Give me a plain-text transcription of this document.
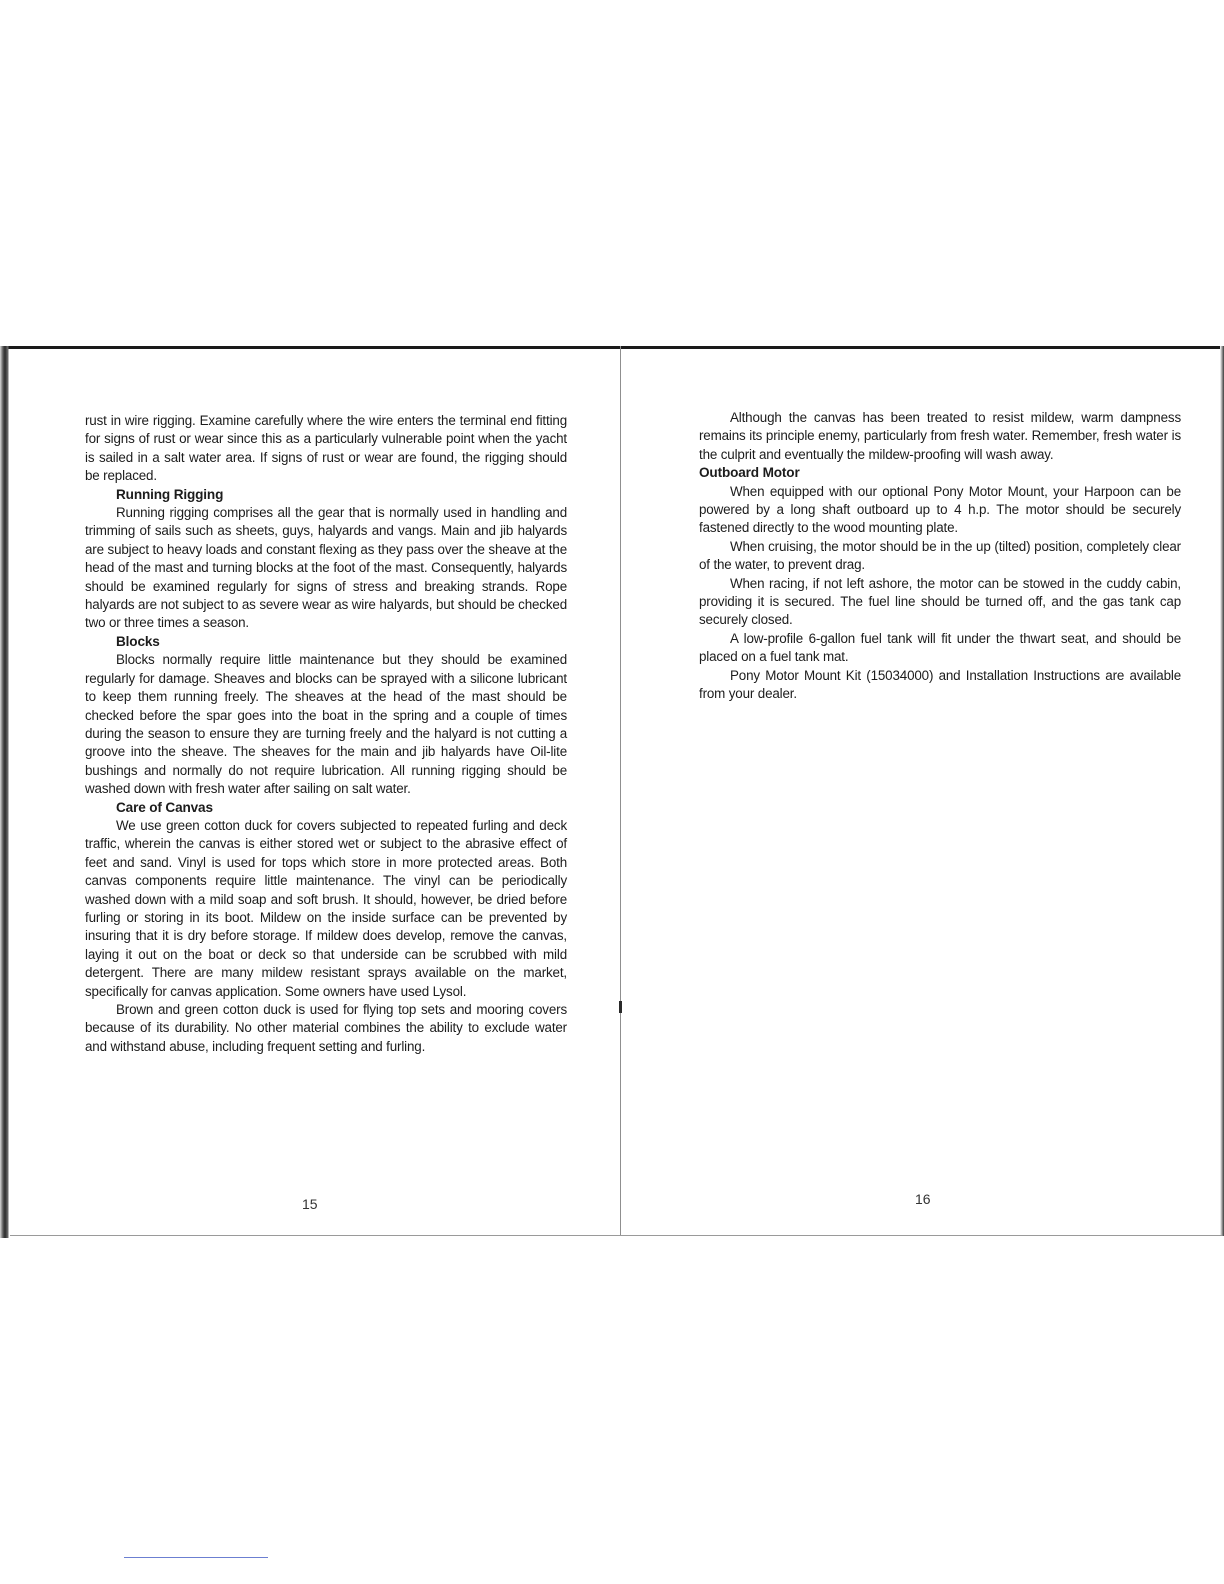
rust in wire rigging. Examine carefully where the wire enters the terminal end fitting for signs of rust or wear since this as a particularly vulnerable point when the yacht is sailed in a salt water area. If signs of rust or wear are found, the rigging should be replaced.

Running Rigging

Running rigging comprises all the gear that is normally used in handling and trimming of sails such as sheets, guys, halyards and vangs. Main and jib halyards are subject to heavy loads and constant flexing as they pass over the sheave at the head of the mast and turning blocks at the foot of the mast. Consequently, halyards should be examined regularly for signs of stress and breaking strands. Rope halyards are not subject to as severe wear as wire halyards, but should be checked two or three times a season.

Blocks

Blocks normally require little maintenance but they should be examined regularly for damage. Sheaves and blocks can be sprayed with a silicone lubricant to keep them running freely. The sheaves at the head of the mast should be checked before the spar goes into the boat in the spring and a couple of times during the season to ensure they are turning freely and the halyard is not cutting a groove into the sheave. The sheaves for the main and jib halyards have Oil-lite bushings and normally do not require lubrication. All running rigging should be washed down with fresh water after sailing on salt water.

Care of Canvas

We use green cotton duck for covers subjected to repeated furling and deck traffic, wherein the canvas is either stored wet or subject to the abrasive effect of feet and sand. Vinyl is used for tops which store in more protected areas. Both canvas components require little maintenance. The vinyl can be periodically washed down with a mild soap and soft brush. It should, however, be dried before furling or storing in its boot. Mildew on the inside surface can be prevented by insuring that it is dry before storage. If mildew does develop, remove the canvas, laying it out on the boat or deck so that underside can be scrubbed with mild detergent. There are many mildew resistant sprays available on the market, specifically for canvas application. Some owners have used Lysol.

Brown and green cotton duck is used for flying top sets and mooring covers because of its durability. No other material combines the ability to exclude water and withstand abuse, including frequent setting and furling.

15

Although the canvas has been treated to resist mildew, warm dampness remains its principle enemy, particularly from fresh water. Remember, fresh water is the culprit and eventually the mildew-proofing will wash away.

Outboard Motor

When equipped with our optional Pony Motor Mount, your Harpoon can be powered by a long shaft outboard up to 4 h.p. The motor should be securely fastened directly to the wood mounting plate.

When cruising, the motor should be in the up (tilted) position, completely clear of the water, to prevent drag.

When racing, if not left ashore, the motor can be stowed in the cuddy cabin, providing it is secured. The fuel line should be turned off, and the gas tank cap securely closed.

A low-profile 6-gallon fuel tank will fit under the thwart seat, and should be placed on a fuel tank mat.

Pony Motor Mount Kit (15034000) and Installation Instructions are available from your dealer.

16
